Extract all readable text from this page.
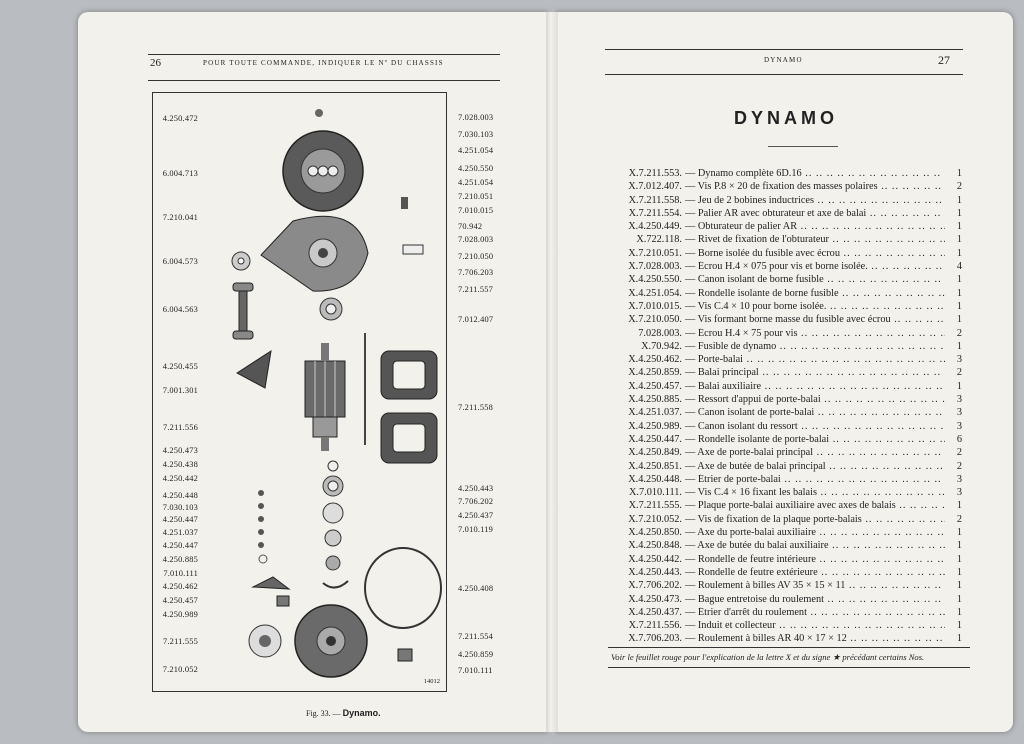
26	POUR TOUTE COMMANDE, INDIQUER LE Nº DU CHASSIS
14012
4.250.472
6.004.713
7.210.041
6.004.573
6.004.563
4.250.455
7.001.301
7.211.556
4.250.473
4.250.438
4.250.442
4.250.448
7.030.103
4.250.447
4.251.037
4.250.447
4.250.885
7.010.111
4.250.462
4.250.457
4.250.989
7.211.555
7.210.052
7.028.003
7.030.103
4.251.054
4.250.550
4.251.054
7.210.051
7.010.015
70.942
7.028.003
7.210.050
7.706.203
7.211.557
7.012.407
7.211.558
4.250.443
7.706.202
4.250.437
7.010.119
4.250.408
7.211.554
4.250.859
7.010.111
Fig. 33. — Dynamo.
DYNAMO	27
DYNAMO
X.7.211.553. — Dynamo complète 6D.16 .. ..	1
X.7.012.407. — Vis P.8 × 20 de fixation des masses polaires .. ..	2
X.7.211.558. — Jeu de 2 bobines inductrices .. ..	1
X.7.211.554. — Palier AR avec obturateur et axe de balai .. ..	1
X.4.250.449. — Obturateur de palier AR .. ..	1
X.722.118. — Rivet de fixation de l'obturateur .. ..	1
X.7.210.051. — Borne isolée du fusible avec écrou .. ..	1
X.7.028.003. — Écrou H.4 × 075 pour vis et borne isolée. .. ..	4
X.4.250.550. — Canon isolant de borne fusible .. ..	1
X.4.251.054. — Rondelle isolante de borne fusible .. ..	1
X.7.010.015. — Vis C.4 × 10 pour borne isolée. .. ..	1
X.7.210.050. — Vis formant borne masse du fusible avec écrou .. ..	1
7.028.003. — Écrou H.4 × 75 pour vis .. ..	2
X.70.942. — Fusible de dynamo .. ..	1
X.4.250.462. — Porte-balai .. ..	3
X.4.250.859. — Balai principal .. ..	2
X.4.250.457. — Balai auxiliaire .. ..	1
X.4.250.885. — Ressort d'appui de porte-balai .. ..	3
X.4.251.037. — Canon isolant de porte-balai .. ..	3
X.4.250.989. — Canon isolant du ressort .. ..	3
X.4.250.447. — Rondelle isolante de porte-balai .. ..	6
X.4.250.849. — Axe de porte-balai principal .. ..	2
X.4.250.851. — Axe de butée de balai principal .. ..	2
X.4.250.448. — Étrier de porte-balai .. ..	3
X.7.010.111. — Vis C.4 × 16 fixant les balais .. ..	3
X.7.211.555. — Plaque porte-balai auxiliaire avec axes de balais .. ..	1
X.7.210.052. — Vis de fixation de la plaque porte-balais .. ..	2
X.4.250.850. — Axe du porte-balai auxiliaire .. ..	1
X.4.250.848. — Axe de butée du balai auxiliaire .. ..	1
X.4.250.442. — Rondelle de feutre intérieure .. ..	1
X.4.250.443. — Rondelle de feutre extérieure .. ..	1
X.7.706.202. — Roulement à billes AV 35 × 15 × 11 .. ..	1
X.4.250.473. — Bague entretoise du roulement .. ..	1
X.4.250.437. — Étrier d'arrêt du roulement .. ..	1
X.7.211.556. — Induit et collecteur .. ..	1
X.7.706.203. — Roulement à billes AR 40 × 17 × 12 .. ..	1
Voir le feuillet rouge pour l'explication de la lettre X et du signe ★ précédant certains Nos.
